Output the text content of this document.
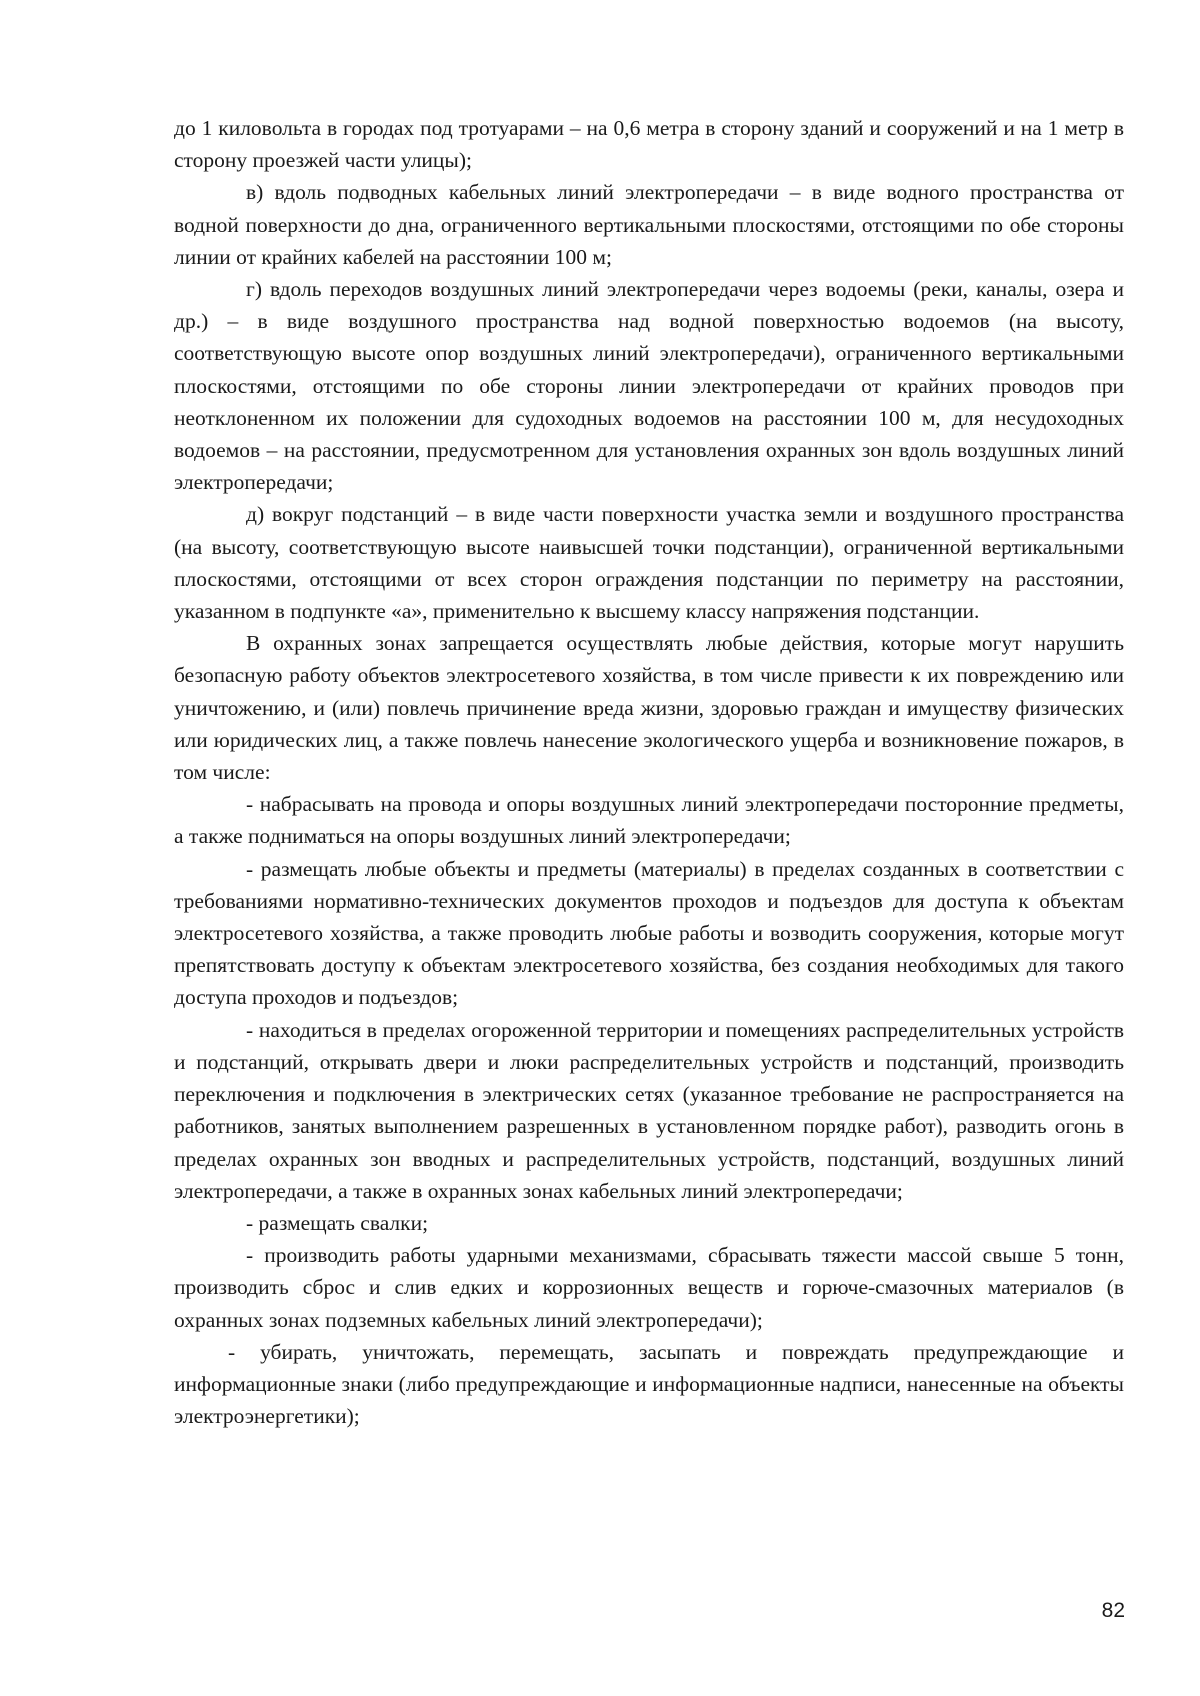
до 1 киловольта в городах под тротуарами – на 0,6 метра в сторону зданий и сооружений и на 1 метр в сторону проезжей части улицы);

в) вдоль подводных кабельных линий электропередачи – в виде водного пространства от водной поверхности до дна, ограниченного вертикальными плоскостями, отстоящими по обе стороны линии от крайних кабелей на расстоянии 100 м;

г) вдоль переходов воздушных линий электропередачи через водоемы (реки, каналы, озера и др.) – в виде воздушного пространства над водной поверхностью водоемов (на высоту, соответствующую высоте опор воздушных линий электропередачи), ограниченного вертикальными плоскостями, отстоящими по обе стороны линии электропередачи от крайних проводов при неотклоненном их положении для судоходных водоемов на расстоянии 100 м, для несудоходных водоемов – на расстоянии, предусмотренном для установления охранных зон вдоль воздушных линий электропередачи;

д) вокруг подстанций – в виде части поверхности участка земли и воздушного пространства (на высоту, соответствующую высоте наивысшей точки подстанции), ограниченной вертикальными плоскостями, отстоящими от всех сторон ограждения подстанции по периметру на расстоянии, указанном в подпункте «а», применительно к высшему классу напряжения подстанции.

В охранных зонах запрещается осуществлять любые действия, которые могут нарушить безопасную работу объектов электросетевого хозяйства, в том числе привести к их повреждению или уничтожению, и (или) повлечь причинение вреда жизни, здоровью граждан и имуществу физических или юридических лиц, а также повлечь нанесение экологического ущерба и возникновение пожаров, в том числе:

- набрасывать на провода и опоры воздушных линий электропередачи посторонние предметы, а также подниматься на опоры воздушных линий электропередачи;

- размещать любые объекты и предметы (материалы) в пределах созданных в соответствии с требованиями нормативно-технических документов проходов и подъездов для доступа к объектам электросетевого хозяйства, а также проводить любые работы и возводить сооружения, которые могут препятствовать доступу к объектам электросетевого хозяйства, без создания необходимых для такого доступа проходов и подъездов;

- находиться в пределах огороженной территории и помещениях распределительных устройств и подстанций, открывать двери и люки распределительных устройств и подстанций, производить переключения и подключения в электрических сетях (указанное требование не распространяется на работников, занятых выполнением разрешенных в установленном порядке работ), разводить огонь в пределах охранных зон вводных и распределительных устройств, подстанций, воздушных линий электропередачи, а также в охранных зонах кабельных линий электропередачи;

- размещать свалки;

- производить работы ударными механизмами, сбрасывать тяжести массой свыше 5 тонн, производить сброс и слив едких и коррозионных веществ и горюче-смазочных материалов (в охранных зонах подземных кабельных линий электропередачи);

- убирать, уничтожать, перемещать, засыпать и повреждать предупреждающие и информационные знаки (либо предупреждающие и информационные надписи, нанесенные на объекты электроэнергетики);

82
